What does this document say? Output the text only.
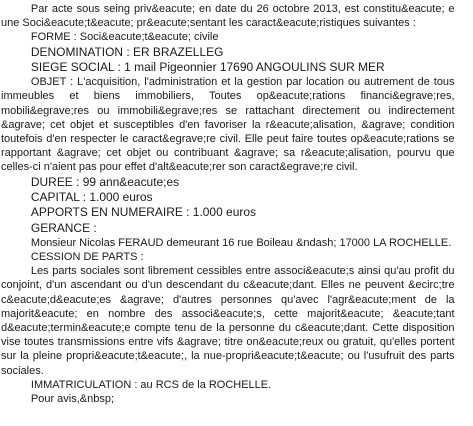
Par acte sous seing priv&eacute; en date du 26 octobre 2013, est constitu&eacute; e une Soci&eacute;t&eacute; pr&eacute;sentant les caract&eacute;ristiques suivantes :

FORME : Soci&eacute;t&eacute; civile

DENOMINATION : ER BRAZELLEG

SIEGE SOCIAL : 1 mail Pigeonnier 17690 ANGOULINS SUR MER

OBJET : L'acquisition, l'administration et la gestion par location ou autrement de tous immeubles et biens immobiliers, Toutes op&eacute;rations financi&egrave;res, mobili&egrave;res ou immobili&egrave;res se rattachant directement ou indirectement &agrave; cet objet et susceptibles d'en favoriser la r&eacute;alisation, &agrave; condition toutefois d'en respecter le caract&egrave;re civil. Elle peut faire toutes op&eacute;rations se rapportant &agrave; cet objet ou contribuant &agrave; sa r&eacute;alisation, pourvu que celles-ci n'aient pas pour effet d'alt&eacute;rer son caract&egrave;re civil.

DUREE : 99 ann&eacute;es

CAPITAL : 1.000 euros

APPORTS EN NUMERAIRE : 1.000 euros

GERANCE :

Monsieur Nicolas FERAUD demeurant 16 rue Boileau &ndash; 17000 LA ROCHELLE.

CESSION DE PARTS :

Les parts sociales sont librement cessibles entre associ&eacute;s ainsi qu'au profit du conjoint, d'un ascendant ou d'un descendant du c&eacute;dant. Elles ne peuvent &ecirc;tre c&eacute;d&eacute;es &agrave; d'autres personnes qu'avec l'agr&eacute;ment de la majorit&eacute; en nombre des associ&eacute;s, cette majorit&eacute; &eacute;tant d&eacute;termin&eacute;e compte tenu de la personne du c&eacute;dant. Cette disposition vise toutes transmissions entre vifs &agrave; titre on&eacute;reux ou gratuit, qu'elles portent sur la pleine propri&eacute;t&eacute;, la nue-propri&eacute;t&eacute; ou l'usufruit des parts sociales.

IMMATRICULATION : au RCS de la ROCHELLE.

Pour avis,&nbsp;
